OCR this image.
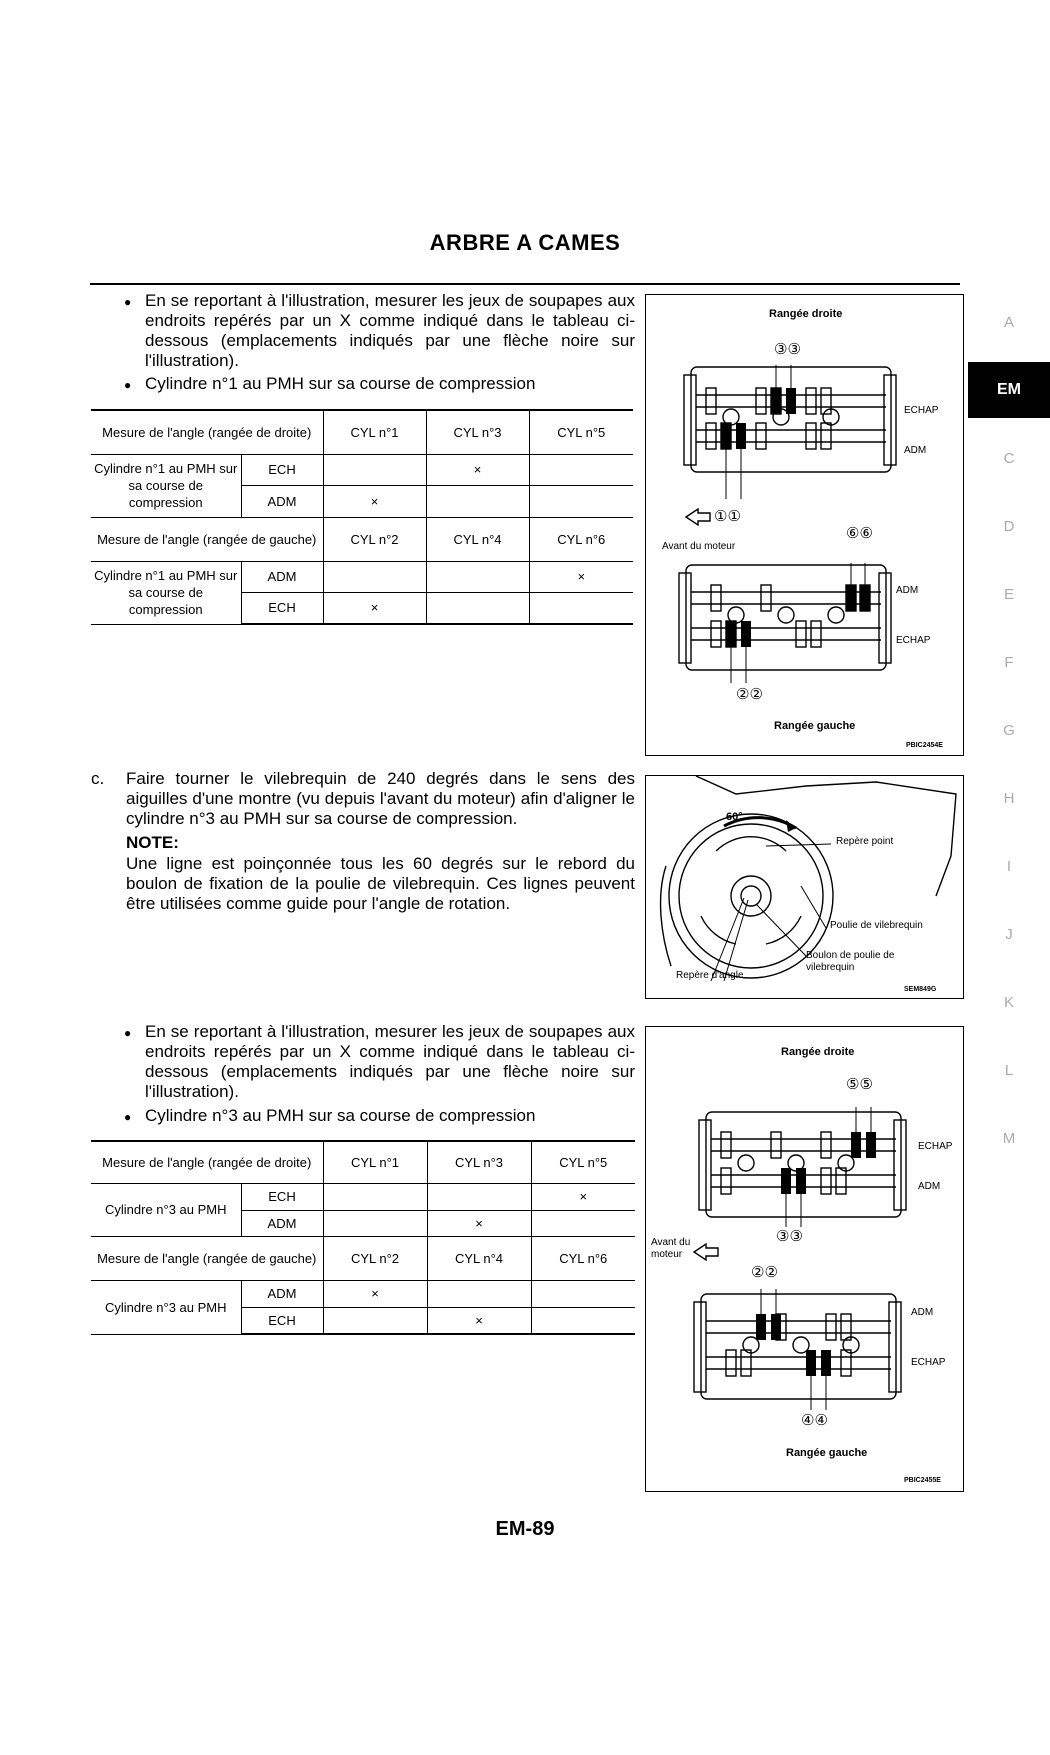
ARBRE A CAMES
A
EM
C
D
E
F
G
H
I
J
K
L
M
● En se reportant à l'illustration, mesurer les jeux de soupapes aux endroits repérés par un X comme indiqué dans le tableau ci-dessous (emplacements indiqués par une flèche noire sur l'illustration).
● Cylindre n°1 au PMH sur sa course de compression
Mesure de l'angle (rangée de droite)		CYL n°1	CYL n°3	CYL n°5
Cylindre n°1 au PMH sur sa course de compression	ECH		×	
	ADM	×		
Mesure de l'angle (rangée de gauche)		CYL n°2	CYL n°4	CYL n°6
Cylindre n°1 au PMH sur sa course de compression	ADM			×
	ECH	×		
Rangée droite
③③
ECHAP
ADM
①①
Avant du moteur
⑥⑥
ADM
ECHAP
②②
Rangée gauche
PBIC2454E
c. Faire tourner le vilebrequin de 240 degrés dans le sens des aiguilles d'une montre (vu depuis l'avant du moteur) afin d'aligner le cylindre n°3 au PMH sur sa course de compression.
NOTE:
Une ligne est poinçonnée tous les 60 degrés sur le rebord du boulon de fixation de la poulie de vilebrequin. Ces lignes peuvent être utilisées comme guide pour l'angle de rotation.
60°
Repère point
Poulie de vilebrequin
Boulon de poulie de vilebrequin
Repère d'angle
SEM849G
● En se reportant à l'illustration, mesurer les jeux de soupapes aux endroits repérés par un X comme indiqué dans le tableau ci-dessous (emplacements indiqués par une flèche noire sur l'illustration).
● Cylindre n°3 au PMH sur sa course de compression
Mesure de l'angle (rangée de droite)		CYL n°1	CYL n°3	CYL n°5
Cylindre n°3 au PMH	ECH			×
	ADM		×	
Mesure de l'angle (rangée de gauche)		CYL n°2	CYL n°4	CYL n°6
Cylindre n°3 au PMH	ADM	×		
	ECH		×	
Rangée droite
⑤⑤
ECHAP
ADM
③③
Avant du moteur
②②
ADM
ECHAP
④④
Rangée gauche
PBIC2455E
EM-89
